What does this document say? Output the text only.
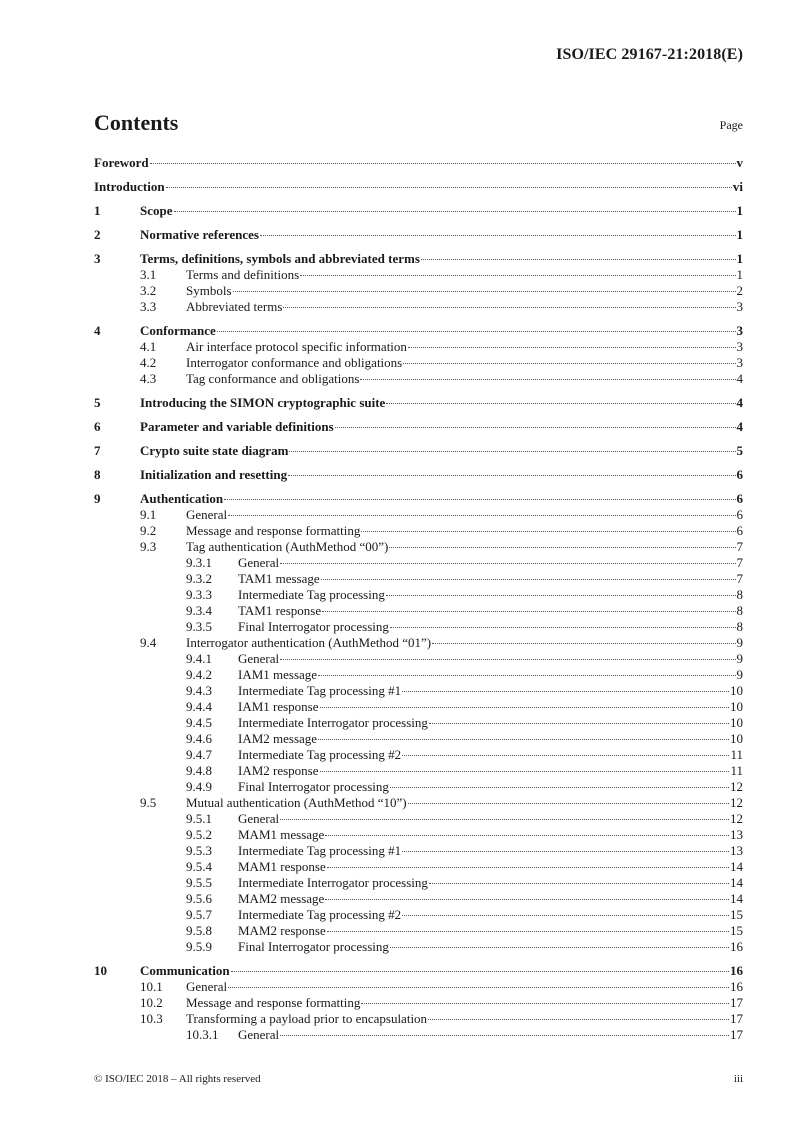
ISO/IEC 29167-21:2018(E)
Contents	Page
Foreword	v
Introduction	vi
1	Scope	1
2	Normative references	1
3	Terms, definitions, symbols and abbreviated terms	1
3.1	Terms and definitions	1
3.2	Symbols	2
3.3	Abbreviated terms	3
4	Conformance	3
4.1	Air interface protocol specific information	3
4.2	Interrogator conformance and obligations	3
4.3	Tag conformance and obligations	4
5	Introducing the SIMON cryptographic suite	4
6	Parameter and variable definitions	4
7	Crypto suite state diagram	5
8	Initialization and resetting	6
9	Authentication	6
9.1	General	6
9.2	Message and response formatting	6
9.3	Tag authentication (AuthMethod “00”)	7
9.3.1	General	7
9.3.2	TAM1 message	7
9.3.3	Intermediate Tag processing	8
9.3.4	TAM1 response	8
9.3.5	Final Interrogator processing	8
9.4	Interrogator authentication (AuthMethod “01”)	9
9.4.1	General	9
9.4.2	IAM1 message	9
9.4.3	Intermediate Tag processing #1	10
9.4.4	IAM1 response	10
9.4.5	Intermediate Interrogator processing	10
9.4.6	IAM2 message	10
9.4.7	Intermediate Tag processing #2	11
9.4.8	IAM2 response	11
9.4.9	Final Interrogator processing	12
9.5	Mutual authentication (AuthMethod “10”)	12
9.5.1	General	12
9.5.2	MAM1 message	13
9.5.3	Intermediate Tag processing #1	13
9.5.4	MAM1 response	14
9.5.5	Intermediate Interrogator processing	14
9.5.6	MAM2 message	14
9.5.7	Intermediate Tag processing #2	15
9.5.8	MAM2 response	15
9.5.9	Final Interrogator processing	16
10	Communication	16
10.1	General	16
10.2	Message and response formatting	17
10.3	Transforming a payload prior to encapsulation	17
10.3.1	General	17
© ISO/IEC 2018 – All rights reserved	iii
